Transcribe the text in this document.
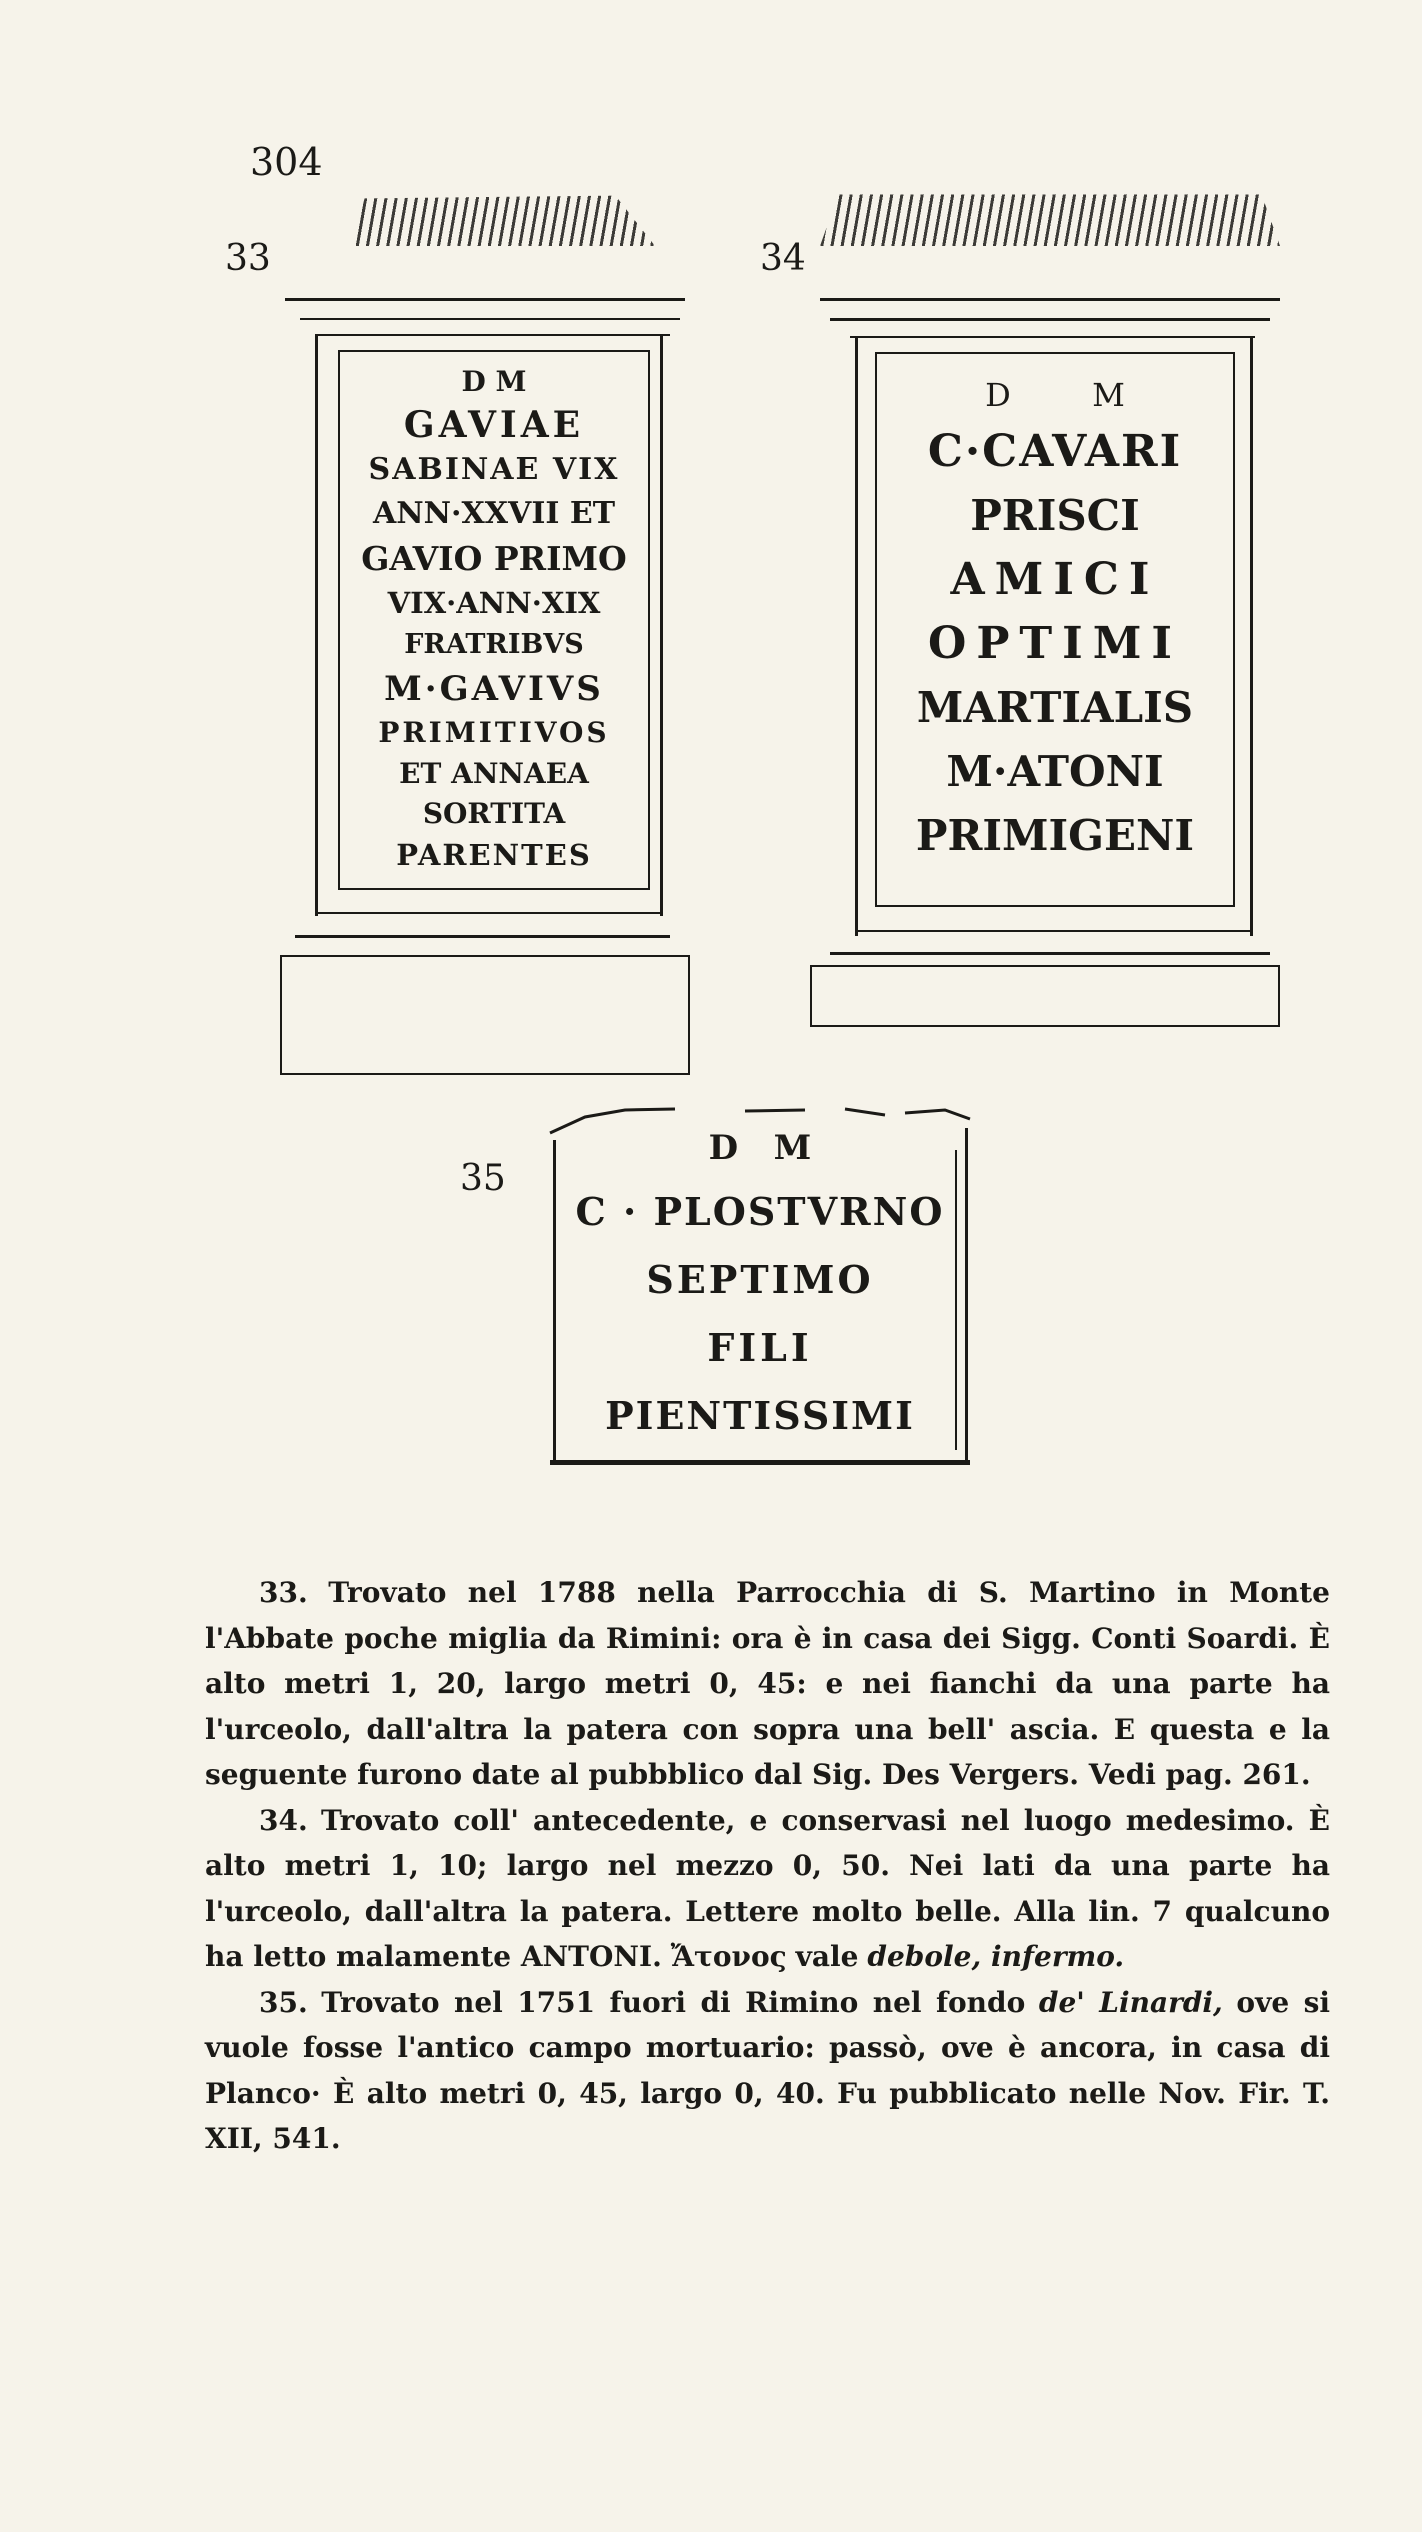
304
33
D M
GAVIAE
SABINAE VIX
ANN·XXVII ET
GAVIO PRIMO
VIX·ANN·XIX
FRATRIBVS
M·GAVIVS
PRIMITIVOS
ET ANNAEA
SORTITA
PARENTES
34
D        M
C·CAVARI
PRISCI
AMICI
OPTIMI
MARTIALIS
M·ATONI
PRIMIGENI
35
D   M
C · PLOSTVRNO
SEPTIMO
FILI
PIENTISSIMI

33. Trovato nel 1788 nella Parrocchia di S. Martino in Monte l'Abbate poche miglia da Rimini: ora è in casa dei Sigg. Conti Soardi. È alto metri 1, 20, largo metri 0, 45: e nei fianchi da una parte ha l'urceolo, dall'altra la patera con sopra una bell' ascia. E questa e la seguente furono date al pubbblico dal Sig. Des Vergers. Vedi pag. 261.

34. Trovato coll' antecedente, e conservasi nel luogo medesimo. È alto metri 1, 10; largo nel mezzo 0, 50. Nei lati da una parte ha l'urceolo, dall'altra la patera. Lettere molto belle. Alla lin. 7 qualcuno ha letto malamente ANTONI. Ἄτονος vale debole, infermo.

35. Trovato nel 1751 fuori di Rimino nel fondo de' Linardi, ove si vuole fosse l'antico campo mortuario: passò, ove è ancora, in casa di Planco· È alto metri 0, 45, largo 0, 40. Fu pubblicato nelle Nov. Fir. T. XII, 541.
